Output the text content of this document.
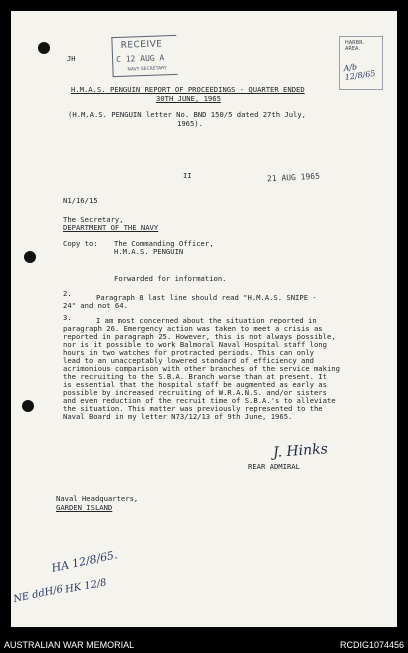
JH
RECEIVE
C 12 AUG A
NAVY SECRETARY
HARBR.
AREA.
A/b
12/8/65
H.M.A.S. PENGUIN REPORT OF PROCEEDINGS - QUARTER ENDED
30TH JUNE, 1965
(H.M.A.S. PENGUIN letter No. BND 150/5 dated 27th July,
1965).
II	21 AUG 1965
N1/16/15
The Secretary,
DEPARTMENT OF THE NAVY
Copy to: The Commanding Officer,
H.M.A.S. PENGUIN
Forwarded for information.
2.	Paragraph 8 last line should read "H.M.A.S. SNIPE -
24" and not 64.
3.	I am most concerned about the situation reported in
paragraph 26. Emergency action was taken to meet a crisis as
reported in paragraph 25. However, this is not always possible,
nor is it possible to work Balmoral Naval Hospital staff long
hours in two watches for protracted periods. This can only
lead to an unacceptably lowered standard of efficiency and
acrimonious comparison with other branches of the service making
the recruiting to the S.B.A. Branch worse than at present. It
is essential that the hospital staff be augmented as early as
possible by increased recruiting of W.R.A.N.S. and/or sisters
and even reduction of the recruit time of S.B.A.'s to alleviate
the situation. This matter was previously represented to the
Naval Board in my letter N73/12/13 of 9th June, 1965.
J. Hinks
REAR ADMIRAL
Naval Headquarters,
GARDEN ISLAND
HA 12/8/65.
NE ddH/6 HK 12/8
AUSTRALIAN WAR MEMORIAL	RCDIG1074456
